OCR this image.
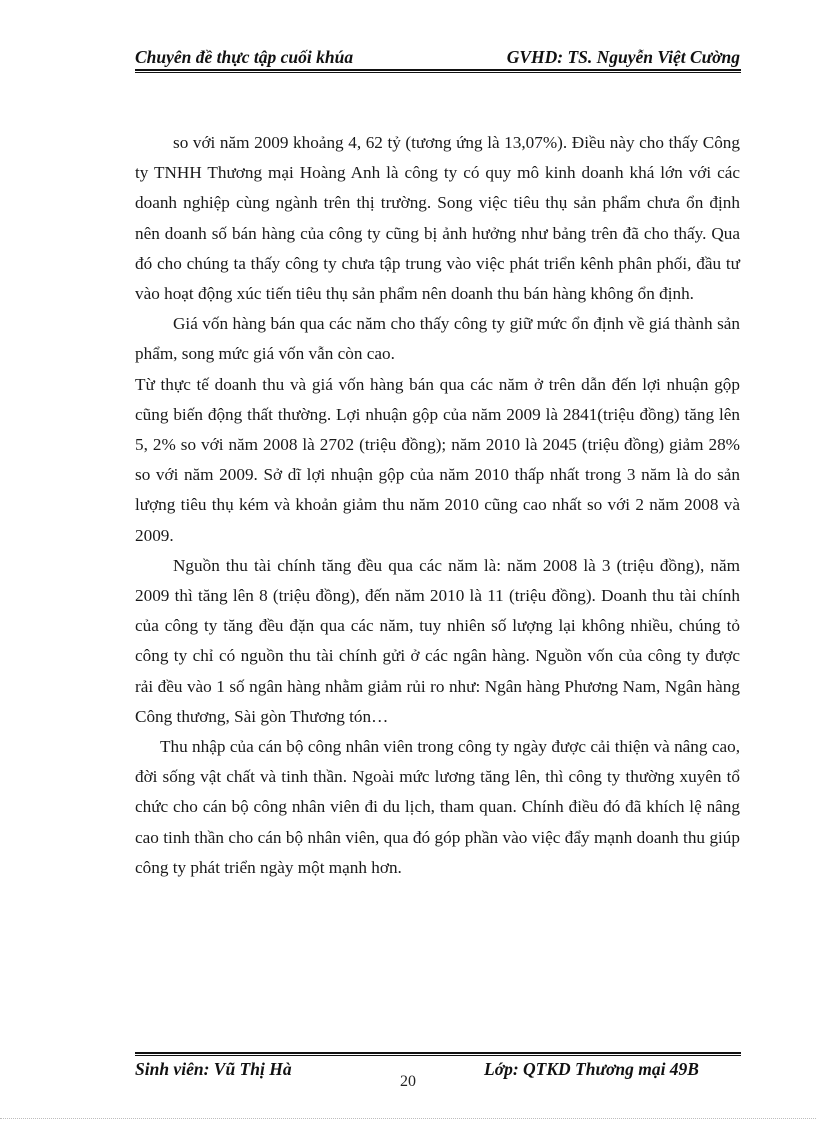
Chuyên đề thực tập cuối khúa	GVHD: TS. Nguyễn Việt Cường

so với năm 2009 khoảng 4, 62 tỷ (tương ứng là 13,07%). Điều này cho thấy Công ty TNHH Thương mại Hoàng Anh là công ty có quy mô kinh doanh khá lớn với các doanh nghiệp cùng ngành trên thị trường. Song việc tiêu thụ sản phẩm chưa ổn định nên doanh số bán hàng của công ty cũng bị ảnh hưởng như bảng trên đã cho thấy. Qua đó cho chúng ta thấy công ty chưa tập trung vào việc phát triển kênh phân phối, đầu tư vào hoạt động xúc tiến tiêu thụ sản phẩm nên doanh thu bán hàng không ổn định.

Giá vốn hàng bán qua các năm cho thấy công ty giữ mức ổn định về giá thành sản phẩm, song mức giá vốn vẫn còn cao.

Từ thực tế doanh thu và giá vốn hàng bán qua các năm ở trên dẫn đến lợi nhuận gộp cũng biến động thất thường. Lợi nhuận gộp của năm 2009 là 2841(triệu đồng) tăng lên 5, 2% so với năm 2008 là 2702 (triệu đồng); năm 2010 là 2045 (triệu đồng) giảm 28% so với năm 2009. Sở dĩ lợi nhuận gộp của năm 2010 thấp nhất trong 3 năm là do sản lượng tiêu thụ kém và khoản giảm thu năm 2010 cũng cao nhất so với 2 năm 2008 và 2009.

Nguồn thu tài chính tăng đều qua các năm là: năm 2008 là 3 (triệu đồng), năm 2009 thì tăng lên 8 (triệu đồng), đến năm 2010 là 11 (triệu đồng). Doanh thu tài chính của công ty tăng đều đặn qua các năm, tuy nhiên số lượng lại không nhiều, chúng tỏ công ty chỉ có nguồn thu tài chính gửi ở các ngân hàng. Nguồn vốn của công ty được rải đều vào 1 số ngân hàng nhằm giảm rủi ro như: Ngân hàng Phương Nam, Ngân hàng Công thương, Sài gòn Thương tón…

Thu nhập của cán bộ công nhân viên trong công ty ngày được cải thiện và nâng cao, đời sống vật chất và tinh thần. Ngoài mức lương tăng lên, thì công ty thường xuyên tổ chức cho cán bộ công nhân viên đi du lịch, tham quan. Chính điều đó đã khích lệ nâng cao tinh thần cho cán bộ nhân viên, qua đó góp phần vào việc đẩy mạnh doanh thu giúp công ty phát triển ngày một mạnh hơn.

Sinh viên: Vũ Thị Hà	Lớp: QTKD Thương mại 49B
20
